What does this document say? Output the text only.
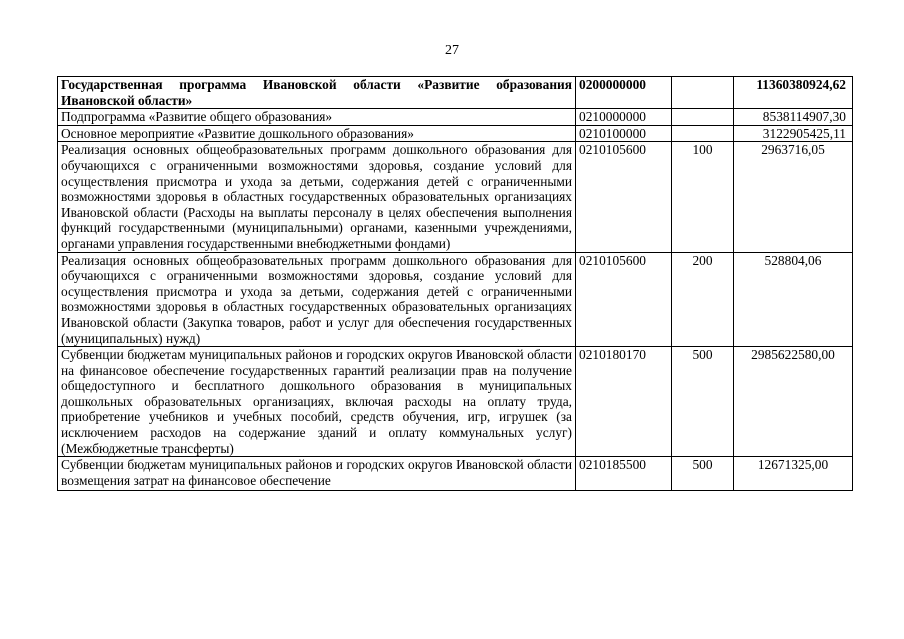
27
Государственная программа Ивановской области «Развитие образования Ивановской области»	0200000000		11360380924,62
Подпрограмма «Развитие общего образования»	0210000000		8538114907,30
Основное мероприятие «Развитие дошкольного образования»	0210100000		3122905425,11
Реализация основных общеобразовательных программ дошкольного образования для обучающихся с ограниченными возможностями здоровья, создание условий для осуществления присмотра и ухода за детьми, содержания детей с ограниченными возможностями здоровья в областных государственных образовательных организациях Ивановской области (Расходы на выплаты персоналу в целях обеспечения выполнения функций государственными (муниципальными) органами, казенными учреждениями, органами управления государственными внебюджетными фондами)	0210105600	100	2963716,05
Реализация основных общеобразовательных программ дошкольного образования для обучающихся с ограниченными возможностями здоровья, создание условий для осуществления присмотра и ухода за детьми, содержания детей с ограниченными возможностями здоровья в областных государственных образовательных организациях Ивановской области (Закупка товаров, работ и услуг для обеспечения государственных (муниципальных) нужд)	0210105600	200	528804,06
Субвенции бюджетам муниципальных районов и городских округов Ивановской области на финансовое обеспечение государственных гарантий реализации прав на получение общедоступного и бесплатного дошкольного образования в муниципальных дошкольных образовательных организациях, включая расходы на оплату труда, приобретение учебников и учебных пособий, средств обучения, игр, игрушек (за исключением расходов на содержание зданий и оплату коммунальных услуг) (Межбюджетные трансферты)	0210180170	500	2985622580,00
Субвенции бюджетам муниципальных районов и городских округов Ивановской области возмещения затрат на финансовое обеспечение	0210185500	500	12671325,00
